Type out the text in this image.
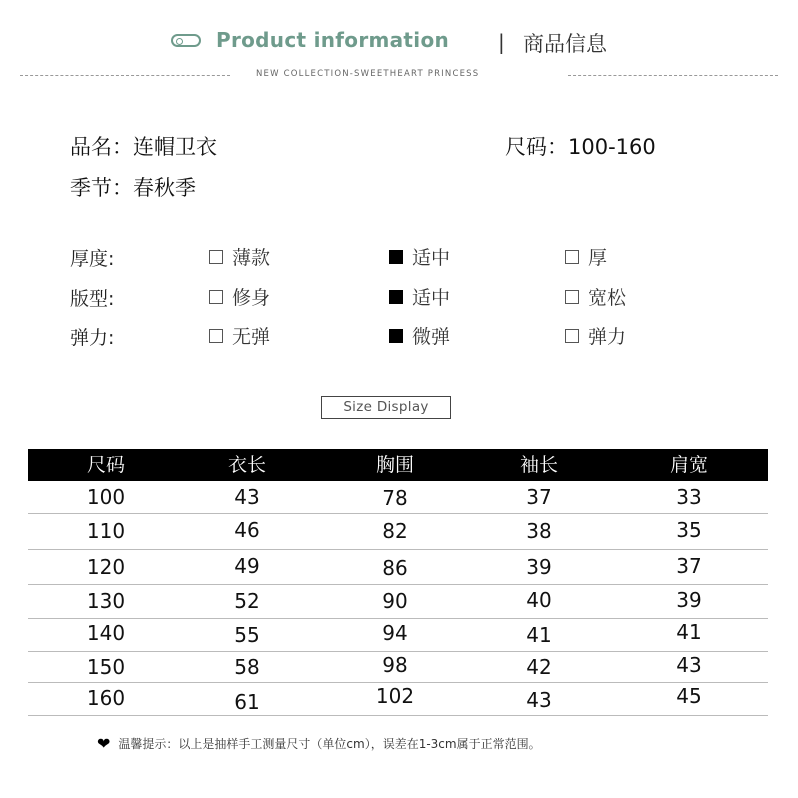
Product information | 商品信息
NEW COLLECTION-SWEETHEART PRINCESS
品名：连帽卫衣	尺码：100-160
季节：春秋季
厚度:	薄款	适中	厚
版型:	修身	适中	宽松
弹力:	无弹	微弹	弹力
Size Display
尺码	衣长	胸围	袖长	肩宽
100	43	78	37	33
110	46	82	38	35
120	49	86	39	37
130	52	90	40	39
140	55	94	41	41
150	58	98	42	43
160	61	102	43	45
❤ 温馨提示：以上是抽样手工测量尺寸（单位cm），误差在1-3cm属于正常范围。
